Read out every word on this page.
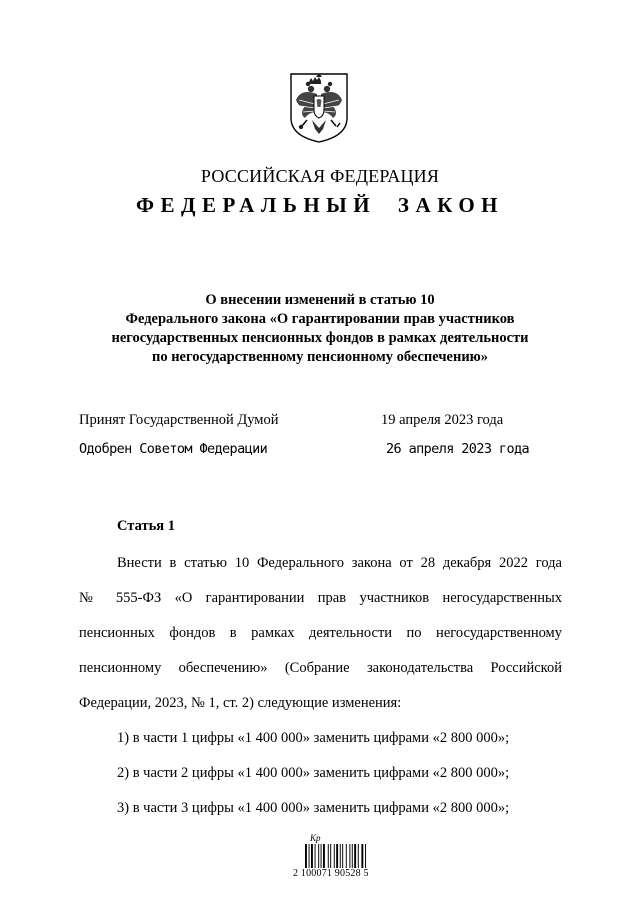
РОССИЙСКАЯ ФЕДЕРАЦИЯ
ФЕДЕРАЛЬНЫЙ ЗАКОН
О внесении изменений в статью 10
Федерального закона «О гарантировании прав участников
негосударственных пенсионных фондов в рамках деятельности
по негосударственному пенсионному обеспечению»
Принят Государственной Думой	19 апреля 2023 года
Одобрен Советом Федерации	26 апреля 2023 года
Статья 1
Внести в статью 10 Федерального закона от 28 декабря 2022 года
№ 555-ФЗ «О гарантировании прав участников негосударственных
пенсионных фондов в рамках деятельности по негосударственному
пенсионному обеспечению» (Собрание законодательства Российской
Федерации, 2023, № 1, ст. 2) следующие изменения:
1) в части 1 цифры «1 400 000» заменить цифрами «2 800 000»;
2) в части 2 цифры «1 400 000» заменить цифрами «2 800 000»;
3) в части 3 цифры «1 400 000» заменить цифрами «2 800 000»;
Кр
2 100071 90528 5
